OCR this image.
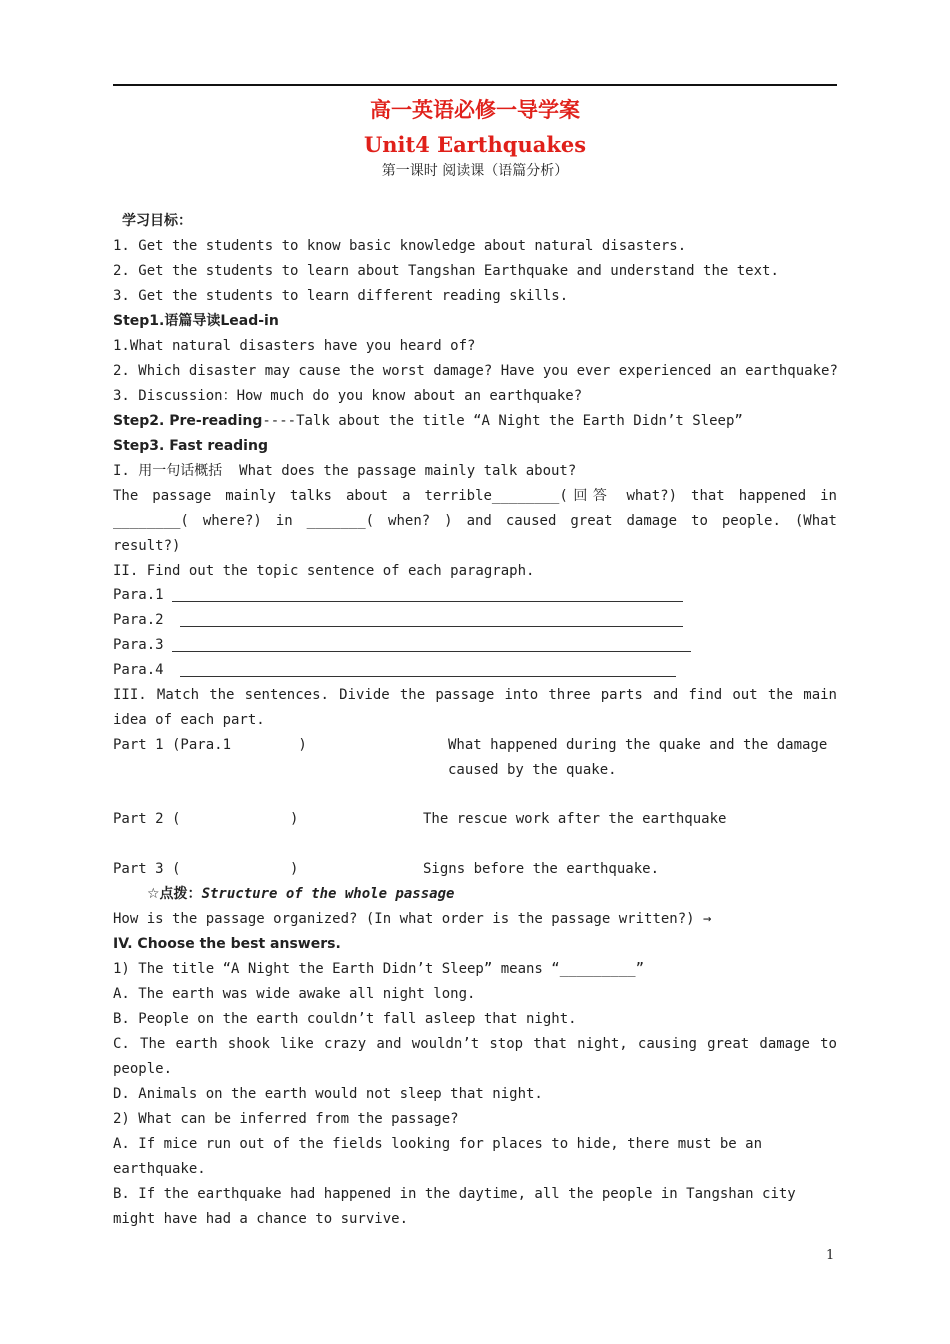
高一英语必修一导学案
Unit4 Earthquakes
第一课时 阅读课（语篇分析）
学习目标：
1. Get the students to know basic knowledge about natural disasters.
2. Get the students to learn about Tangshan Earthquake and understand the text.
3. Get the students to learn different reading skills.
Step1.语篇导读Lead-in
1.What natural disasters have you heard of?
2. Which disaster may cause the worst damage? Have you ever experienced an earthquake?
3. Discussion：How much do you know about an earthquake?
Step2. Pre-reading----Talk about the title “A Night the Earth Didn’t Sleep”
Step3. Fast reading
I. 用一句话概括  What does the passage mainly talk about?
The passage mainly talks about a terrible________(回答 what?) that happened in
________( where?) in _______( when? ) and caused great damage to people. (What
result?)
II. Find out the topic sentence of each paragraph.
Para.1
Para.2
Para.3
Para.4
III. Match the sentences. Divide the passage into three parts and find out the main
idea of each part.
Part 1 (Para.1        )	What happened during the quake and the damage
caused by the quake.
Part 2 (             )	The rescue work after the earthquake
Part 3 (             )	Signs before the earthquake.
☆点拨：Structure of the whole passage
How is the passage organized? (In what order is the passage written?) →
IV. Choose the best answers.
1) The title “A Night the Earth Didn’t Sleep” means “_________”
A. The earth was wide awake all night long.
B. People on the earth couldn’t fall asleep that night.
C. The earth shook like crazy and wouldn’t stop that night, causing great damage to
people.
D. Animals on the earth would not sleep that night.
2) What can be inferred from the passage?
A. If mice run out of the fields looking for places to hide, there must be an
earthquake.
B. If the earthquake had happened in the daytime, all the people in Tangshan city
might have had a chance to survive.
1
